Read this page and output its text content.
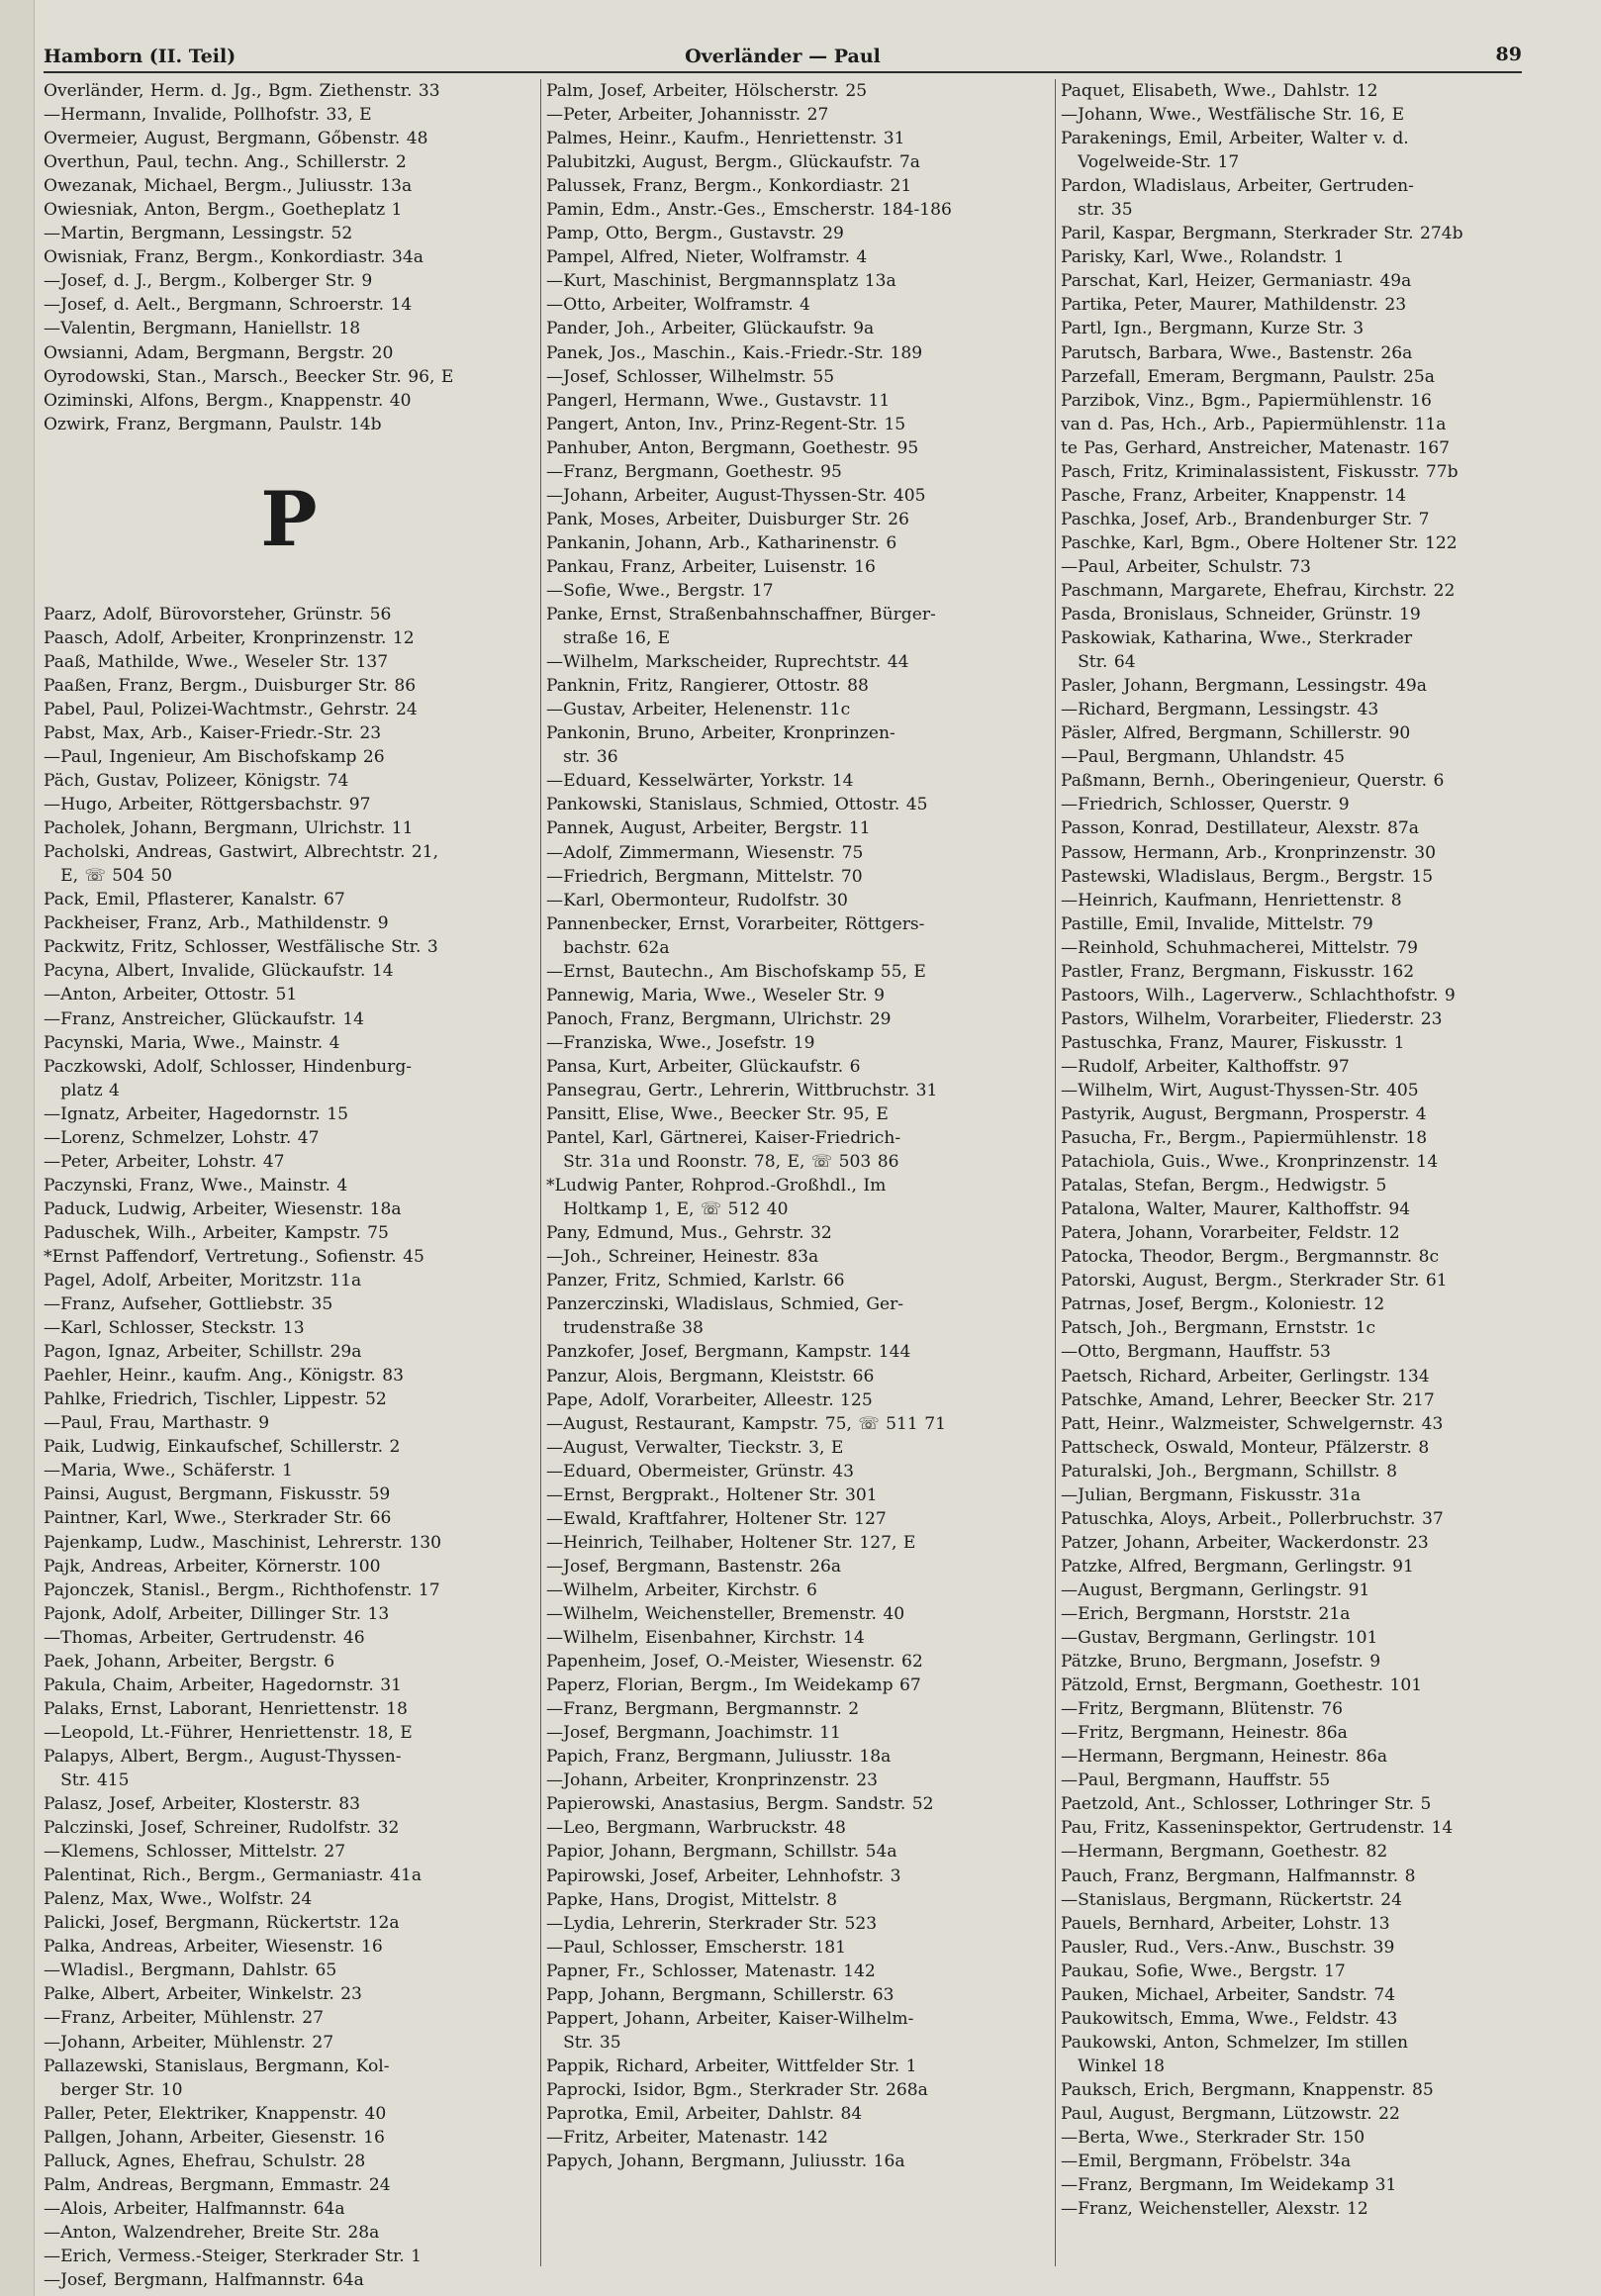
Overländer — Paul
Hamborn (II. Teil)	89
Overländer, Herm. d. Jg., Bgm. Ziethenstr. 33
—Hermann, Invalide, Pollhofstr. 33, E
Overmeier, August, Bergmann, Gőbenstr. 48
Overthun, Paul, techn. Ang., Schillerstr. 2
Owezanak, Michael, Bergm., Juliusstr. 13a
Owiesniak, Anton, Bergm., Goetheplatz 1
—Martin, Bergmann, Lessingstr. 52
Owisniak, Franz, Bergm., Konkordiastr. 34a
—Josef, d. J., Bergm., Kolberger Str. 9
—Josef, d. Aelt., Bergmann, Schroerstr. 14
—Valentin, Bergmann, Haniellstr. 18
Owsianni, Adam, Bergmann, Bergstr. 20
Oyrodowski, Stan., Marsch., Beecker Str. 96, E
Oziminski, Alfons, Bergm., Knappenstr. 40
Ozwirk, Franz, Bergmann, Paulstr. 14b
P
Paarz, Adolf, Bürovorsteher, Grünstr. 56
Paasch, Adolf, Arbeiter, Kronprinzenstr. 12
Paaß, Mathilde, Wwe., Weseler Str. 137
Paaßen, Franz, Bergm., Duisburger Str. 86
Pabel, Paul, Polizei-Wachtmstr., Gehrstr. 24
Pabst, Max, Arb., Kaiser-Friedr.-Str. 23
—Paul, Ingenieur, Am Bischofskamp 26
Päch, Gustav, Polizeer, Königstr. 74
—Hugo, Arbeiter, Röttgersbachstr. 97
Pacholek, Johann, Bergmann, Ulrichstr. 11
Pacholski, Andreas, Gastwirt, Albrechtstr. 21,
 E, ☏ 504 50
Pack, Emil, Pflasterer, Kanalstr. 67
Packheiser, Franz, Arb., Mathildenstr. 9
Packwitz, Fritz, Schlosser, Westfälische Str. 3
Pacyna, Albert, Invalide, Glückaufstr. 14
—Anton, Arbeiter, Ottostr. 51
—Franz, Anstreicher, Glückaufstr. 14
Pacynski, Maria, Wwe., Mainstr. 4
Paczkowski, Adolf, Schlosser, Hindenburg-
 platz 4
—Ignatz, Arbeiter, Hagedornstr. 15
—Lorenz, Schmelzer, Lohstr. 47
—Peter, Arbeiter, Lohstr. 47
Paczynski, Franz, Wwe., Mainstr. 4
Paduck, Ludwig, Arbeiter, Wiesenstr. 18a
Paduschek, Wilh., Arbeiter, Kampstr. 75
*Ernst Paffendorf, Vertretung., Sofienstr. 45
Pagel, Adolf, Arbeiter, Moritzstr. 11a
—Franz, Aufseher, Gottliebstr. 35
—Karl, Schlosser, Steckstr. 13
Pagon, Ignaz, Arbeiter, Schillstr. 29a
Paehler, Heinr., kaufm. Ang., Königstr. 83
Pahlke, Friedrich, Tischler, Lippestr. 52
—Paul, Frau, Marthastr. 9
Paik, Ludwig, Einkaufschef, Schillerstr. 2
—Maria, Wwe., Schäferstr. 1
Painsi, August, Bergmann, Fiskusstr. 59
Paintner, Karl, Wwe., Sterkrader Str. 66
Pajenkamp, Ludw., Maschinist, Lehrerstr. 130
Pajk, Andreas, Arbeiter, Körnerstr. 100
Pajonczek, Stanisl., Bergm., Richthofenstr. 17
Pajonk, Adolf, Arbeiter, Dillinger Str. 13
—Thomas, Arbeiter, Gertrudenstr. 46
Paek, Johann, Arbeiter, Bergstr. 6
Pakula, Chaim, Arbeiter, Hagedornstr. 31
Palaks, Ernst, Laborant, Henriettenstr. 18
—Leopold, Lt.-Führer, Henriettenstr. 18, E
Palapys, Albert, Bergm., August-Thyssen-
 Str. 415
Palasz, Josef, Arbeiter, Klosterstr. 83
Palczinski, Josef, Schreiner, Rudolfstr. 32
—Klemens, Schlosser, Mittelstr. 27
Palentinat, Rich., Bergm., Germaniastr. 41a
Palenz, Max, Wwe., Wolfstr. 24
Palicki, Josef, Bergmann, Rückertstr. 12a
Palka, Andreas, Arbeiter, Wiesenstr. 16
—Wladisl., Bergmann, Dahlstr. 65
Palke, Albert, Arbeiter, Winkelstr. 23
—Franz, Arbeiter, Mühlenstr. 27
—Johann, Arbeiter, Mühlenstr. 27
Pallazewski, Stanislaus, Bergmann, Kol-
 berger Str. 10
Paller, Peter, Elektriker, Knappenstr. 40
Pallgen, Johann, Arbeiter, Giesenstr. 16
Palluck, Agnes, Ehefrau, Schulstr. 28
Palm, Andreas, Bergmann, Emmastr. 24
—Alois, Arbeiter, Halfmannstr. 64a
—Anton, Walzendreher, Breite Str. 28a
—Erich, Vermess.-Steiger, Sterkrader Str. 1
—Josef, Bergmann, Halfmannstr. 64a
Palm, Josef, Arbeiter, Hölscherstr. 25
—Peter, Arbeiter, Johannisstr. 27
Palmes, Heinr., Kaufm., Henriettenstr. 31
Palubitzki, August, Bergm., Glückaufstr. 7a
Palussek, Franz, Bergm., Konkordiastr. 21
Pamin, Edm., Anstr.-Ges., Emscherstr. 184-186
Pamp, Otto, Bergm., Gustavstr. 29
Pampel, Alfred, Nieter, Wolframstr. 4
—Kurt, Maschinist, Bergmannsplatz 13a
—Otto, Arbeiter, Wolframstr. 4
Pander, Joh., Arbeiter, Glückaufstr. 9a
Panek, Jos., Maschin., Kais.-Friedr.-Str. 189
—Josef, Schlosser, Wilhelmstr. 55
Pangerl, Hermann, Wwe., Gustavstr. 11
Pangert, Anton, Inv., Prinz-Regent-Str. 15
Panhuber, Anton, Bergmann, Goethestr. 95
—Franz, Bergmann, Goethestr. 95
—Johann, Arbeiter, August-Thyssen-Str. 405
Pank, Moses, Arbeiter, Duisburger Str. 26
Pankanin, Johann, Arb., Katharinenstr. 6
Pankau, Franz, Arbeiter, Luisenstr. 16
—Sofie, Wwe., Bergstr. 17
Panke, Ernst, Straßenbahnschaffner, Bürger-
 straße 16, E
—Wilhelm, Markscheider, Ruprechtstr. 44
Panknin, Fritz, Rangierer, Ottostr. 88
—Gustav, Arbeiter, Helenenstr. 11c
Pankonin, Bruno, Arbeiter, Kronprinzen-
 str. 36
—Eduard, Kesselwärter, Yorkstr. 14
Pankowski, Stanislaus, Schmied, Ottostr. 45
Pannek, August, Arbeiter, Bergstr. 11
—Adolf, Zimmermann, Wiesenstr. 75
—Friedrich, Bergmann, Mittelstr. 70
—Karl, Obermonteur, Rudolfstr. 30
Pannenbecker, Ernst, Vorarbeiter, Röttgers-
 bachstr. 62a
—Ernst, Bautechn., Am Bischofskamp 55, E
Pannewig, Maria, Wwe., Weseler Str. 9
Panoch, Franz, Bergmann, Ulrichstr. 29
—Franziska, Wwe., Josefstr. 19
Pansa, Kurt, Arbeiter, Glückaufstr. 6
Pansegrau, Gertr., Lehrerin, Wittbruchstr. 31
Pansitt, Elise, Wwe., Beecker Str. 95, E
Pantel, Karl, Gärtnerei, Kaiser-Friedrich-
 Str. 31a und Roonstr. 78, E, ☏ 503 86
*Ludwig Panter, Rohprod.-Großhdl., Im
 Holtkamp 1, E, ☏ 512 40
Pany, Edmund, Mus., Gehrstr. 32
—Joh., Schreiner, Heinestr. 83a
Panzer, Fritz, Schmied, Karlstr. 66
Panzerczinski, Wladislaus, Schmied, Ger-
 trudenstraße 38
Panzkofer, Josef, Bergmann, Kampstr. 144
Panzur, Alois, Bergmann, Kleiststr. 66
Pape, Adolf, Vorarbeiter, Alleestr. 125
—August, Restaurant, Kampstr. 75, ☏ 511 71
—August, Verwalter, Tieckstr. 3, E
—Eduard, Obermeister, Grünstr. 43
—Ernst, Bergprakt., Holtener Str. 301
—Ewald, Kraftfahrer, Holtener Str. 127
—Heinrich, Teilhaber, Holtener Str. 127, E
—Josef, Bergmann, Bastenstr. 26a
—Wilhelm, Arbeiter, Kirchstr. 6
—Wilhelm, Weichensteller, Bremenstr. 40
—Wilhelm, Eisenbahner, Kirchstr. 14
Papenheim, Josef, O.-Meister, Wiesenstr. 62
Paperz, Florian, Bergm., Im Weidekamp 67
—Franz, Bergmann, Bergmannstr. 2
—Josef, Bergmann, Joachimstr. 11
Papich, Franz, Bergmann, Juliusstr. 18a
—Johann, Arbeiter, Kronprinzenstr. 23
Papierowski, Anastasius, Bergm. Sandstr. 52
—Leo, Bergmann, Warbruckstr. 48
Papior, Johann, Bergmann, Schillstr. 54a
Papirowski, Josef, Arbeiter, Lehnhofstr. 3
Papke, Hans, Drogist, Mittelstr. 8
—Lydia, Lehrerin, Sterkrader Str. 523
—Paul, Schlosser, Emscherstr. 181
Papner, Fr., Schlosser, Matenastr. 142
Papp, Johann, Bergmann, Schillerstr. 63
Pappert, Johann, Arbeiter, Kaiser-Wilhelm-
 Str. 35
Pappik, Richard, Arbeiter, Wittfelder Str. 1
Paprocki, Isidor, Bgm., Sterkrader Str. 268a
Paprotka, Emil, Arbeiter, Dahlstr. 84
—Fritz, Arbeiter, Matenastr. 142
Papych, Johann, Bergmann, Juliusstr. 16a
Paquet, Elisabeth, Wwe., Dahlstr. 12
—Johann, Wwe., Westfälische Str. 16, E
Parakenings, Emil, Arbeiter, Walter v. d.
 Vogelweide-Str. 17
Pardon, Wladislaus, Arbeiter, Gertruden-
 str. 35
Paril, Kaspar, Bergmann, Sterkrader Str. 274b
Parisky, Karl, Wwe., Rolandstr. 1
Parschat, Karl, Heizer, Germaniastr. 49a
Partika, Peter, Maurer, Mathildenstr. 23
Partl, Ign., Bergmann, Kurze Str. 3
Parutsch, Barbara, Wwe., Bastenstr. 26a
Parzefall, Emeram, Bergmann, Paulstr. 25a
Parzibok, Vinz., Bgm., Papiermühlenstr. 16
van d. Pas, Hch., Arb., Papiermühlenstr. 11a
te Pas, Gerhard, Anstreicher, Matenastr. 167
Pasch, Fritz, Kriminalassistent, Fiskusstr. 77b
Pasche, Franz, Arbeiter, Knappenstr. 14
Paschka, Josef, Arb., Brandenburger Str. 7
Paschke, Karl, Bgm., Obere Holtener Str. 122
—Paul, Arbeiter, Schulstr. 73
Paschmann, Margarete, Ehefrau, Kirchstr. 22
Pasda, Bronislaus, Schneider, Grünstr. 19
Paskowiak, Katharina, Wwe., Sterkrader
 Str. 64
Pasler, Johann, Bergmann, Lessingstr. 49a
—Richard, Bergmann, Lessingstr. 43
Päsler, Alfred, Bergmann, Schillerstr. 90
—Paul, Bergmann, Uhlandstr. 45
Paßmann, Bernh., Oberingenieur, Querstr. 6
—Friedrich, Schlosser, Querstr. 9
Passon, Konrad, Destillateur, Alexstr. 87a
Passow, Hermann, Arb., Kronprinzenstr. 30
Pastewski, Wladislaus, Bergm., Bergstr. 15
—Heinrich, Kaufmann, Henriettenstr. 8
Pastille, Emil, Invalide, Mittelstr. 79
—Reinhold, Schuhmacherei, Mittelstr. 79
Pastler, Franz, Bergmann, Fiskusstr. 162
Pastoors, Wilh., Lagerverw., Schlachthofstr. 9
Pastors, Wilhelm, Vorarbeiter, Fliederstr. 23
Pastuschka, Franz, Maurer, Fiskusstr. 1
—Rudolf, Arbeiter, Kalthoffstr. 97
—Wilhelm, Wirt, August-Thyssen-Str. 405
Pastyrik, August, Bergmann, Prosperstr. 4
Pasucha, Fr., Bergm., Papiermühlenstr. 18
Patachiola, Guis., Wwe., Kronprinzenstr. 14
Patalas, Stefan, Bergm., Hedwigstr. 5
Patalona, Walter, Maurer, Kalthoffstr. 94
Patera, Johann, Vorarbeiter, Feldstr. 12
Patocka, Theodor, Bergm., Bergmannstr. 8c
Patorski, August, Bergm., Sterkrader Str. 61
Patrnas, Josef, Bergm., Koloniestr. 12
Patsch, Joh., Bergmann, Ernststr. 1c
—Otto, Bergmann, Hauffstr. 53
Paetsch, Richard, Arbeiter, Gerlingstr. 134
Patschke, Amand, Lehrer, Beecker Str. 217
Patt, Heinr., Walzmeister, Schwelgernstr. 43
Pattscheck, Oswald, Monteur, Pfälzerstr. 8
Paturalski, Joh., Bergmann, Schillstr. 8
—Julian, Bergmann, Fiskusstr. 31a
Patuschka, Aloys, Arbeit., Pollerbruchstr. 37
Patzer, Johann, Arbeiter, Wackerdonstr. 23
Patzke, Alfred, Bergmann, Gerlingstr. 91
—August, Bergmann, Gerlingstr. 91
—Erich, Bergmann, Horststr. 21a
—Gustav, Bergmann, Gerlingstr. 101
Pätzke, Bruno, Bergmann, Josefstr. 9
Pätzold, Ernst, Bergmann, Goethestr. 101
—Fritz, Bergmann, Blütenstr. 76
—Fritz, Bergmann, Heinestr. 86a
—Hermann, Bergmann, Heinestr. 86a
—Paul, Bergmann, Hauffstr. 55
Paetzold, Ant., Schlosser, Lothringer Str. 5
Pau, Fritz, Kasseninspektor, Gertrudenstr. 14
—Hermann, Bergmann, Goethestr. 82
Pauch, Franz, Bergmann, Halfmannstr. 8
—Stanislaus, Bergmann, Rückertstr. 24
Pauels, Bernhard, Arbeiter, Lohstr. 13
Pausler, Rud., Vers.-Anw., Buschstr. 39
Paukau, Sofie, Wwe., Bergstr. 17
Pauken, Michael, Arbeiter, Sandstr. 74
Paukowitsch, Emma, Wwe., Feldstr. 43
Paukowski, Anton, Schmelzer, Im stillen
 Winkel 18
Pauksch, Erich, Bergmann, Knappenstr. 85
Paul, August, Bergmann, Lützowstr. 22
—Berta, Wwe., Sterkrader Str. 150
—Emil, Bergmann, Fröbelstr. 34a
—Franz, Bergmann, Im Weidekamp 31
—Franz, Weichensteller, Alexstr. 12
